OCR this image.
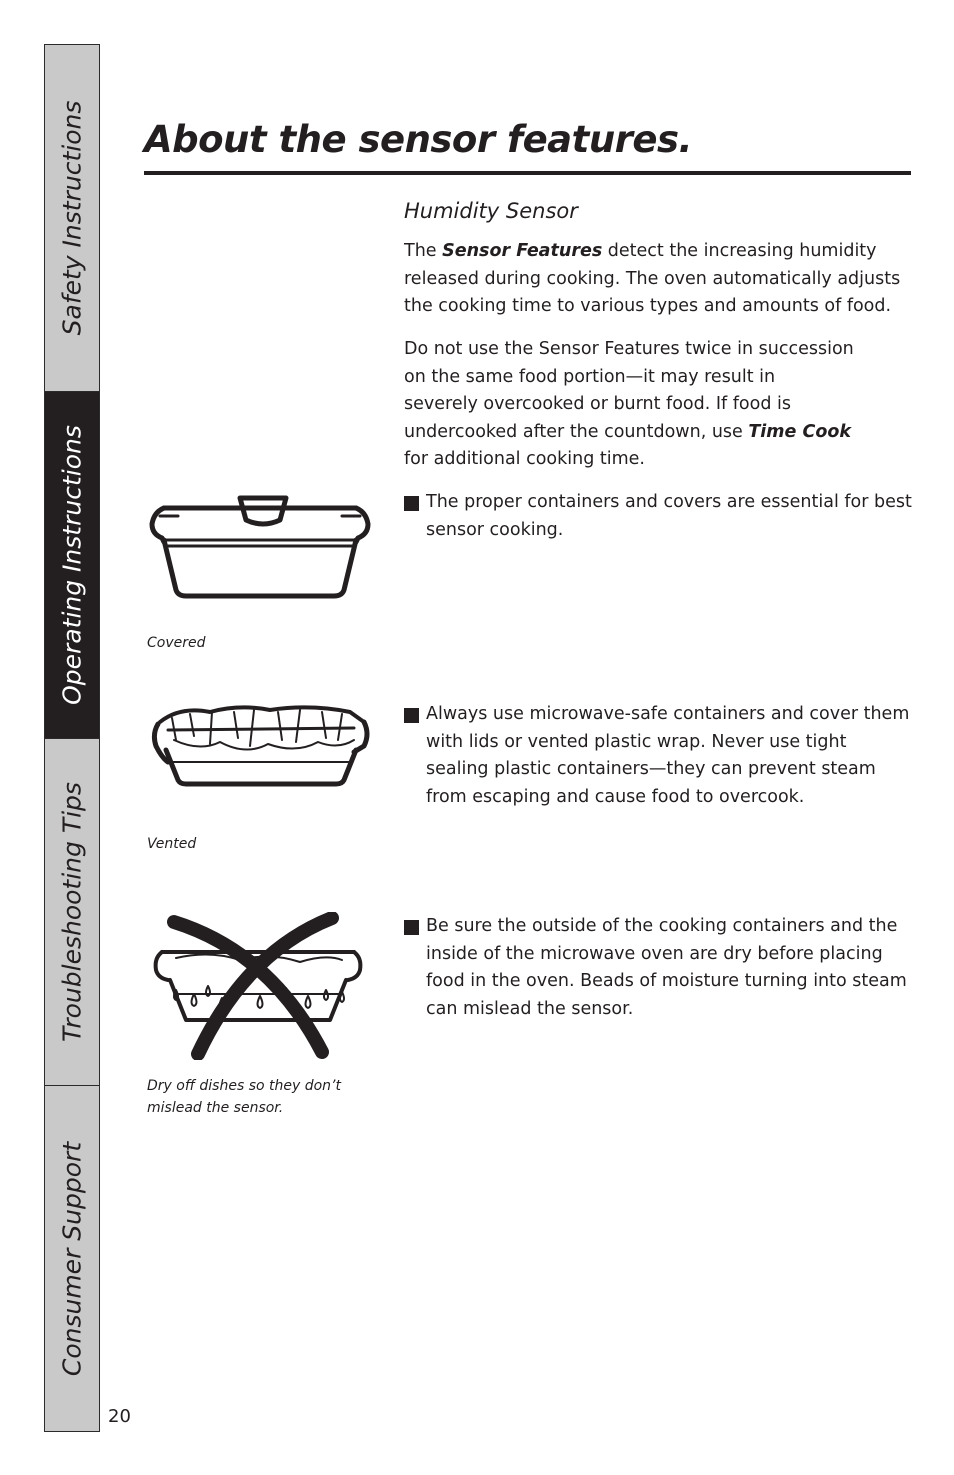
Safety Instructions
Operating Instructions
Troubleshooting Tips
Consumer Support
20
About the sensor features.
Humidity Sensor

The Sensor Features detect the increasing humidity released during cooking. The oven automatically adjusts the cooking time to various types and amounts of food.

Do not use the Sensor Features twice in succession on the same food portion—it may result in severely overcooked or burnt food. If food is undercooked after the countdown, use Time Cook for additional cooking time.

The proper containers and covers are essential for best sensor cooking.
Always use microwave-safe containers and cover them with lids or vented plastic wrap. Never use tight sealing plastic containers—they can prevent steam from escaping and cause food to overcook.
Be sure the outside of the cooking containers and the inside of the microwave oven are dry before placing food in the oven. Beads of moisture turning into steam can mislead the sensor.

Covered

Vented

Dry off dishes so they don’t mislead the sensor.
